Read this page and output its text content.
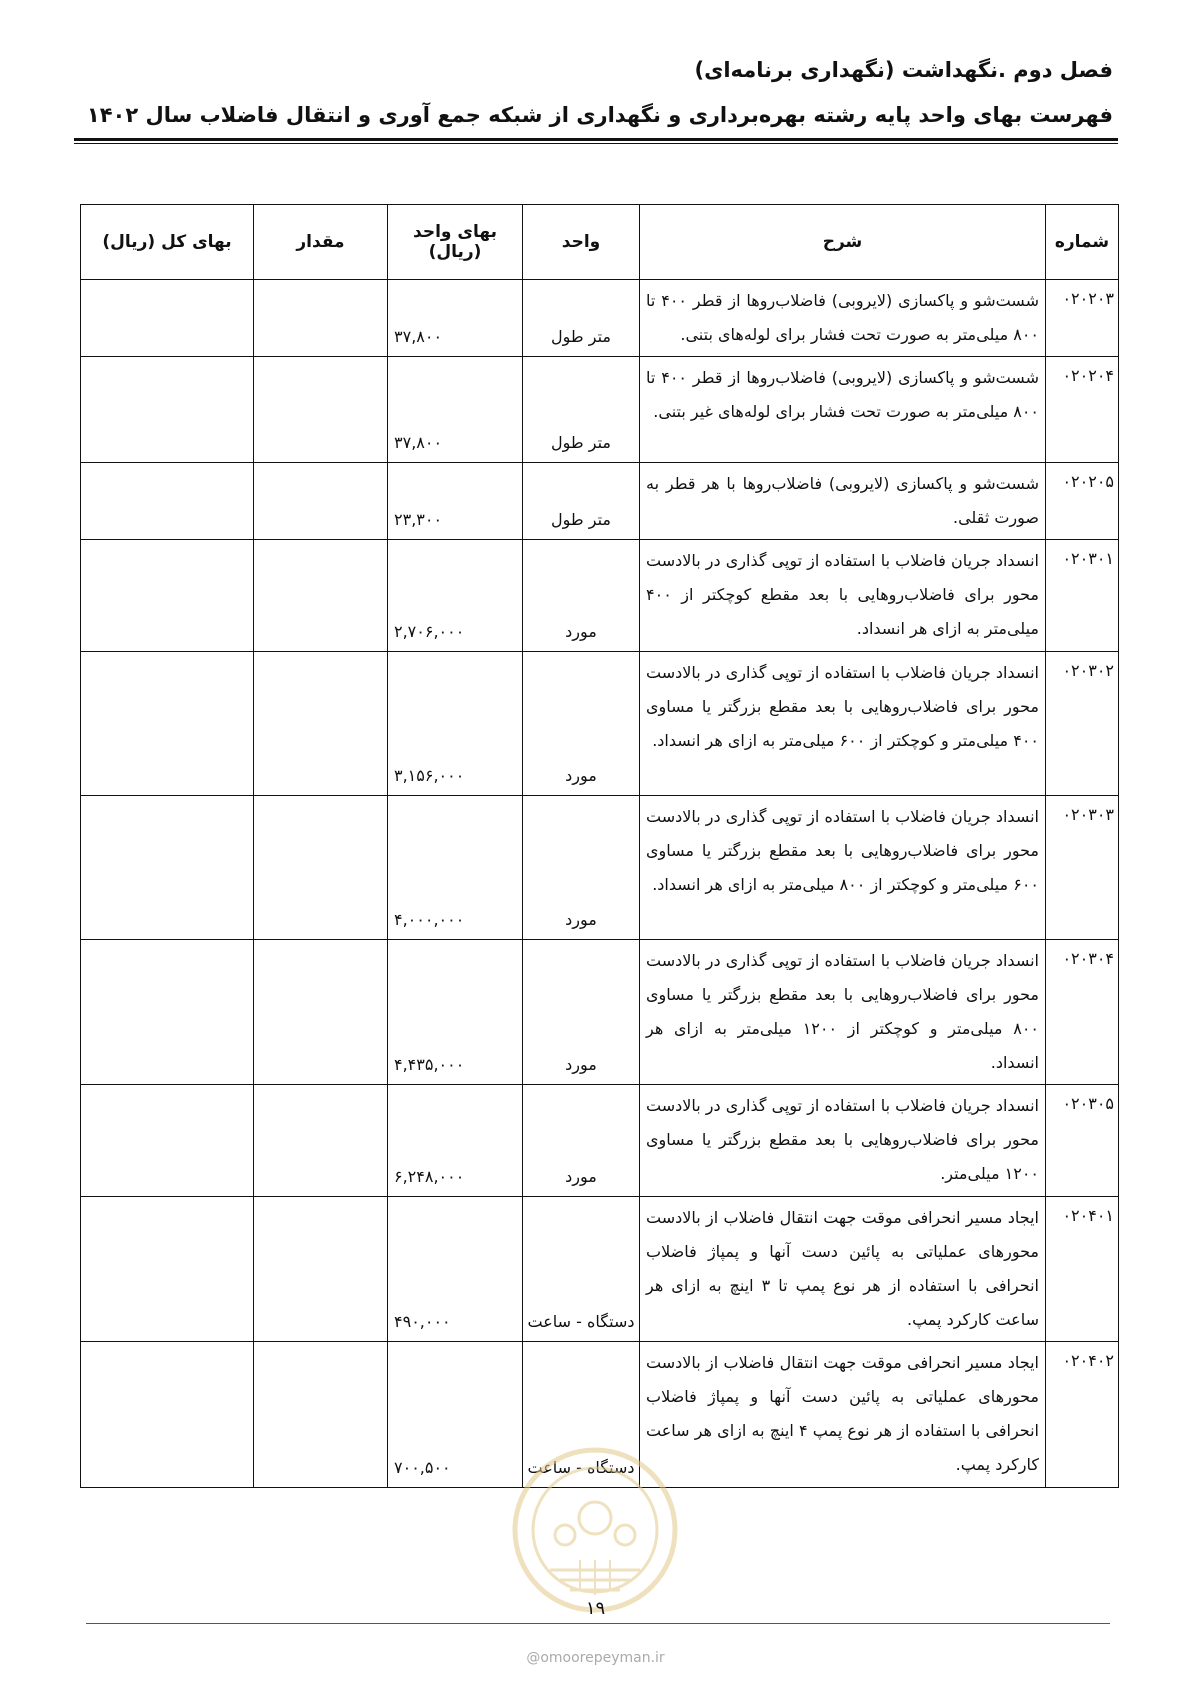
فصل دوم .نگهداشت (نگهداری برنامه‌ای)
فهرست بهای واحد پایه رشته بهره‌برداری و نگهداری از شبکه جمع آوری و انتقال فاضلاب سال ۱۴۰۲
شماره	شرح	واحد	بهای واحد (ریال)	مقدار	بهای کل (ریال)
۰۲۰۲۰۳	شست‌شو و پاکسازی (لایروبی) فاضلاب‌روها از قطر ۴۰۰ تا ۸۰۰ میلی‌متر به صورت تحت فشار برای لوله‌های بتنی.	متر طول	۳۷,۸۰۰		
۰۲۰۲۰۴	شست‌شو و پاکسازی (لایروبی) فاضلاب‌روها از قطر ۴۰۰ تا ۸۰۰ میلی‌متر به صورت تحت فشار برای لوله‌های غیر بتنی.	متر طول	۳۷,۸۰۰		
۰۲۰۲۰۵	شست‌شو و پاکسازی (لایروبی) فاضلاب‌روها با هر قطر به صورت ثقلی.	متر طول	۲۳,۳۰۰		
۰۲۰۳۰۱	انسداد جریان فاضلاب با استفاده از توپی گذاری در بالادست محور برای فاضلاب‌روهایی با بعد مقطع کوچکتر از ۴۰۰ میلی‌متر به ازای هر انسداد.	مورد	۲,۷۰۶,۰۰۰		
۰۲۰۳۰۲	انسداد جریان فاضلاب با استفاده از توپی گذاری در بالادست محور برای فاضلاب‌روهایی با بعد مقطع بزرگتر یا مساوی ۴۰۰ میلی‌متر و کوچکتر از ۶۰۰ میلی‌متر به ازای هر انسداد.	مورد	۳,۱۵۶,۰۰۰		
۰۲۰۳۰۳	انسداد جریان فاضلاب با استفاده از توپی گذاری در بالادست محور برای فاضلاب‌روهایی با بعد مقطع بزرگتر یا مساوی ۶۰۰ میلی‌متر و کوچکتر از ۸۰۰ میلی‌متر به ازای هر انسداد.	مورد	۴,۰۰۰,۰۰۰		
۰۲۰۳۰۴	انسداد جریان فاضلاب با استفاده از توپی گذاری در بالادست محور برای فاضلاب‌روهایی با بعد مقطع بزرگتر یا مساوی ۸۰۰ میلی‌متر و کوچکتر از ۱۲۰۰ میلی‌متر به ازای هر انسداد.	مورد	۴,۴۳۵,۰۰۰		
۰۲۰۳۰۵	انسداد جریان فاضلاب با استفاده از توپی گذاری در بالادست محور برای فاضلاب‌روهایی با بعد مقطع بزرگتر یا مساوی ۱۲۰۰ میلی‌متر.	مورد	۶,۲۴۸,۰۰۰		
۰۲۰۴۰۱	ایجاد مسیر انحرافی موقت جهت انتقال فاضلاب از بالادست محورهای عملیاتی به پائین دست آنها و پمپاژ فاضلاب انحرافی با استفاده از هر نوع پمپ تا ۳ اینچ به ازای هر ساعت کارکرد پمپ.	دستگاه - ساعت	۴۹۰,۰۰۰		
۰۲۰۴۰۲	ایجاد مسیر انحرافی موقت جهت انتقال فاضلاب از بالادست محورهای عملیاتی به پائین دست آنها و پمپاژ فاضلاب انحرافی با استفاده از هر نوع پمپ ۴ اینچ به ازای هر ساعت کارکرد پمپ.	دستگاه - ساعت	۷۰۰,۵۰۰		
۱۹
@omoorepeyman.ir
